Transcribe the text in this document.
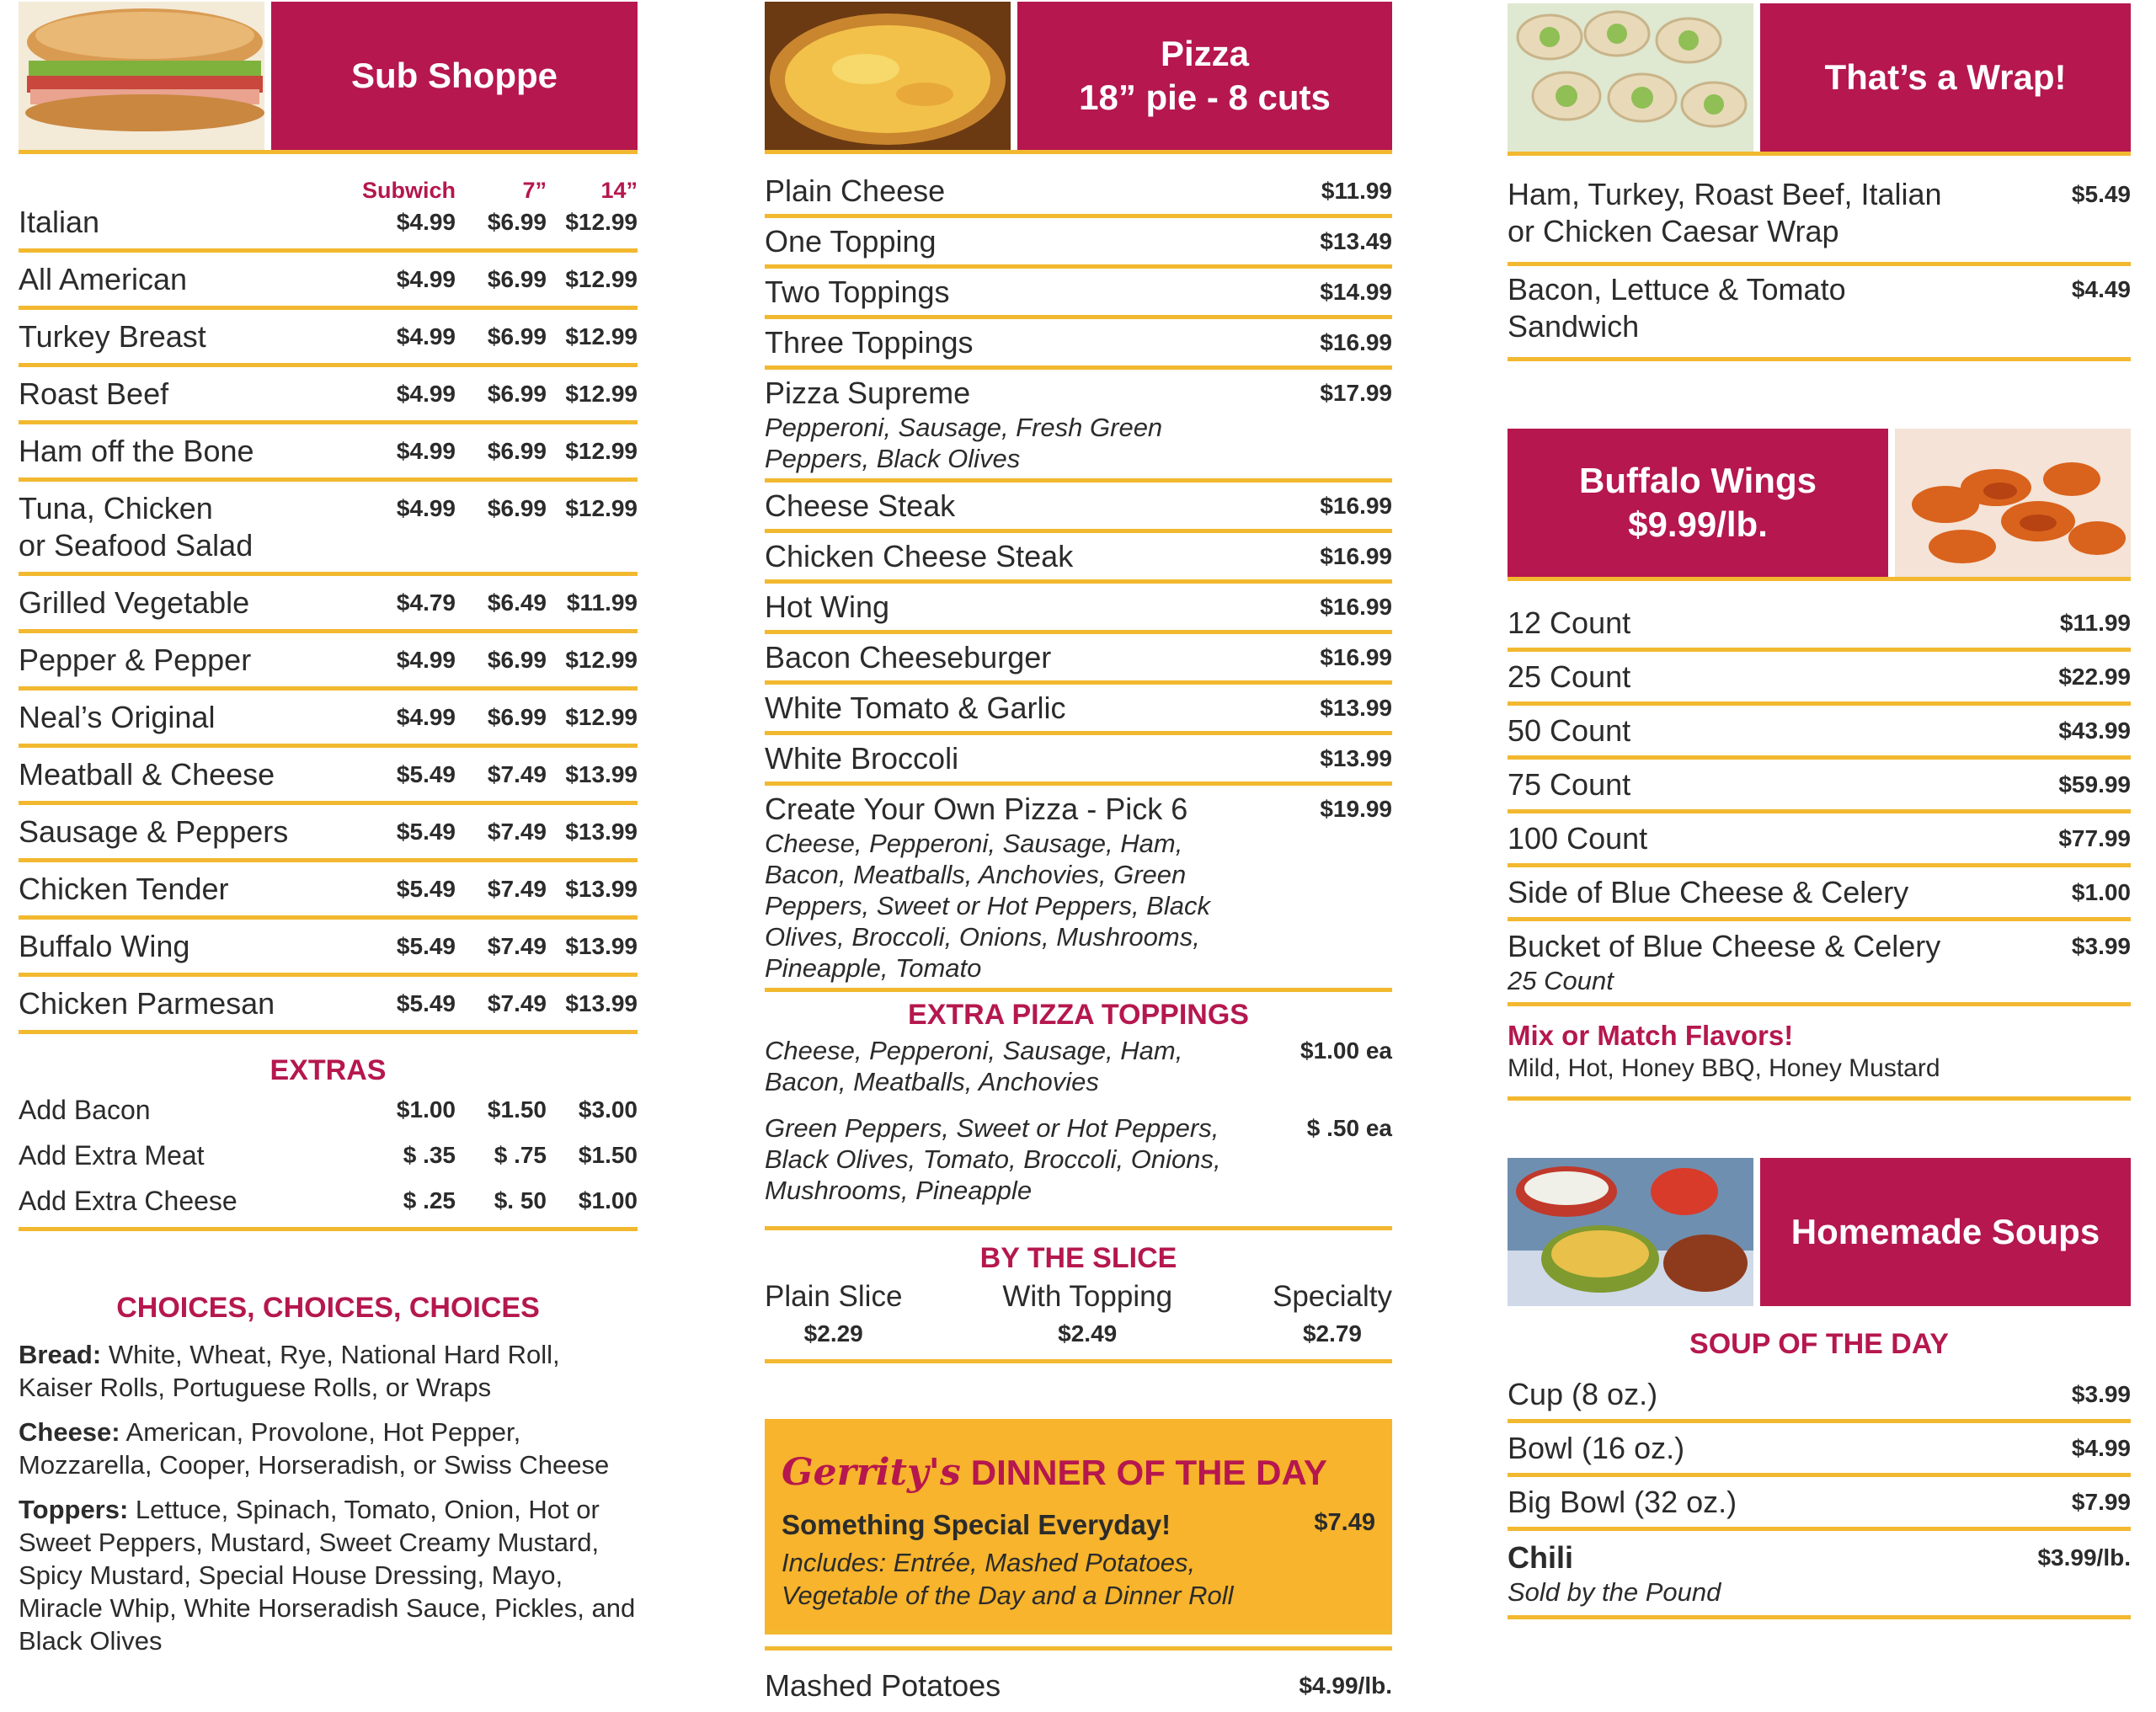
Sub Shoppe
Subwich	7”	14”
Italian	$4.99	$6.99 $12.99
All American	$4.99	$6.99 $12.99
Turkey Breast	$4.99	$6.99 $12.99
Roast Beef	$4.99	$6.99 $12.99
Ham off the Bone	$4.99	$6.99 $12.99
Tuna, Chicken
or Seafood Salad
$4.99	$6.99 $12.99
Grilled Vegetable	$4.79	$6.49 $11.99
Pepper & Pepper	$4.99	$6.99 $12.99
Neal’s Original	$4.99	$6.99 $12.99
Meatball & Cheese	$5.49	$7.49 $13.99
Sausage & Peppers	$5.49	$7.49 $13.99
Chicken Tender	$5.49	$7.49 $13.99
Buffalo Wing	$5.49	$7.49 $13.99
Chicken Parmesan	$5.49	$7.49 $13.99
EXTRAS
Add Bacon	$1.00	$1.50	$3.00
Add Extra Meat	$ .35	$ .75	$1.50
Add Extra Cheese	$ .25	$. 50	$1.00
CHOICES, CHOICES, CHOICES
Bread: White, Wheat, Rye, National Hard Roll, Kaiser Rolls, Portuguese Rolls, or Wraps
Cheese: American, Provolone, Hot Pepper, Mozzarella, Cooper, Horseradish, or Swiss Cheese
Toppers: Lettuce, Spinach, Tomato, Onion, Hot or Sweet Peppers, Mustard, Sweet Creamy Mustard, Spicy Mustard, Special House Dressing, Mayo, Miracle Whip, White Horseradish Sauce, Pickles, and Black Olives
Pizza
18” pie - 8 cuts
Plain Cheese	$11.99
One Topping	$13.49
Two Toppings	$14.99
Three Toppings	$16.99
Pizza Supreme
Pepperoni, Sausage, Fresh Green Peppers, Black Olives
$17.99
Cheese Steak	$16.99
Chicken Cheese Steak	$16.99
Hot Wing	$16.99
Bacon Cheeseburger	$16.99
White Tomato & Garlic	$13.99
White Broccoli	$13.99
Create Your Own Pizza - Pick 6
Cheese, Pepperoni, Sausage, Ham, Bacon, Meatballs, Anchovies, Green Peppers, Sweet or Hot Peppers, Black Olives, Broccoli, Onions, Mushrooms, Pineapple, Tomato
$19.99
EXTRA PIZZA TOPPINGS
Cheese, Pepperoni, Sausage, Ham, Bacon, Meatballs, Anchovies
$1.00 ea
Green Peppers, Sweet or Hot Peppers, Black Olives, Tomato, Broccoli, Onions, Mushrooms, Pineapple
$ .50 ea
BY THE SLICE
Plain Slice
$2.29
With Topping
$2.49
Specialty
$2.79
Gerrity's DINNER OF THE DAY
Something Special Everyday!	$7.49
Includes: Entrée, Mashed Potatoes, Vegetable of the Day and a Dinner Roll
Mashed Potatoes	$4.99/lb.
That’s a Wrap!
Ham, Turkey, Roast Beef, Italian
or Chicken Caesar Wrap
$5.49
Bacon, Lettuce & Tomato
Sandwich
$4.49
Buffalo Wings
$9.99/lb.
12 Count	$11.99
25 Count	$22.99
50 Count	$43.99
75 Count	$59.99
100 Count	$77.99
Side of Blue Cheese & Celery	$1.00
Bucket of Blue Cheese & Celery
25 Count
$3.99
Mix or Match Flavors!
Mild, Hot, Honey BBQ, Honey Mustard
Homemade Soups
SOUP OF THE DAY
Cup (8 oz.)	$3.99
Bowl (16 oz.)	$4.99
Big Bowl (32 oz.)	$7.99
Chili
Sold by the Pound
$3.99/lb.
